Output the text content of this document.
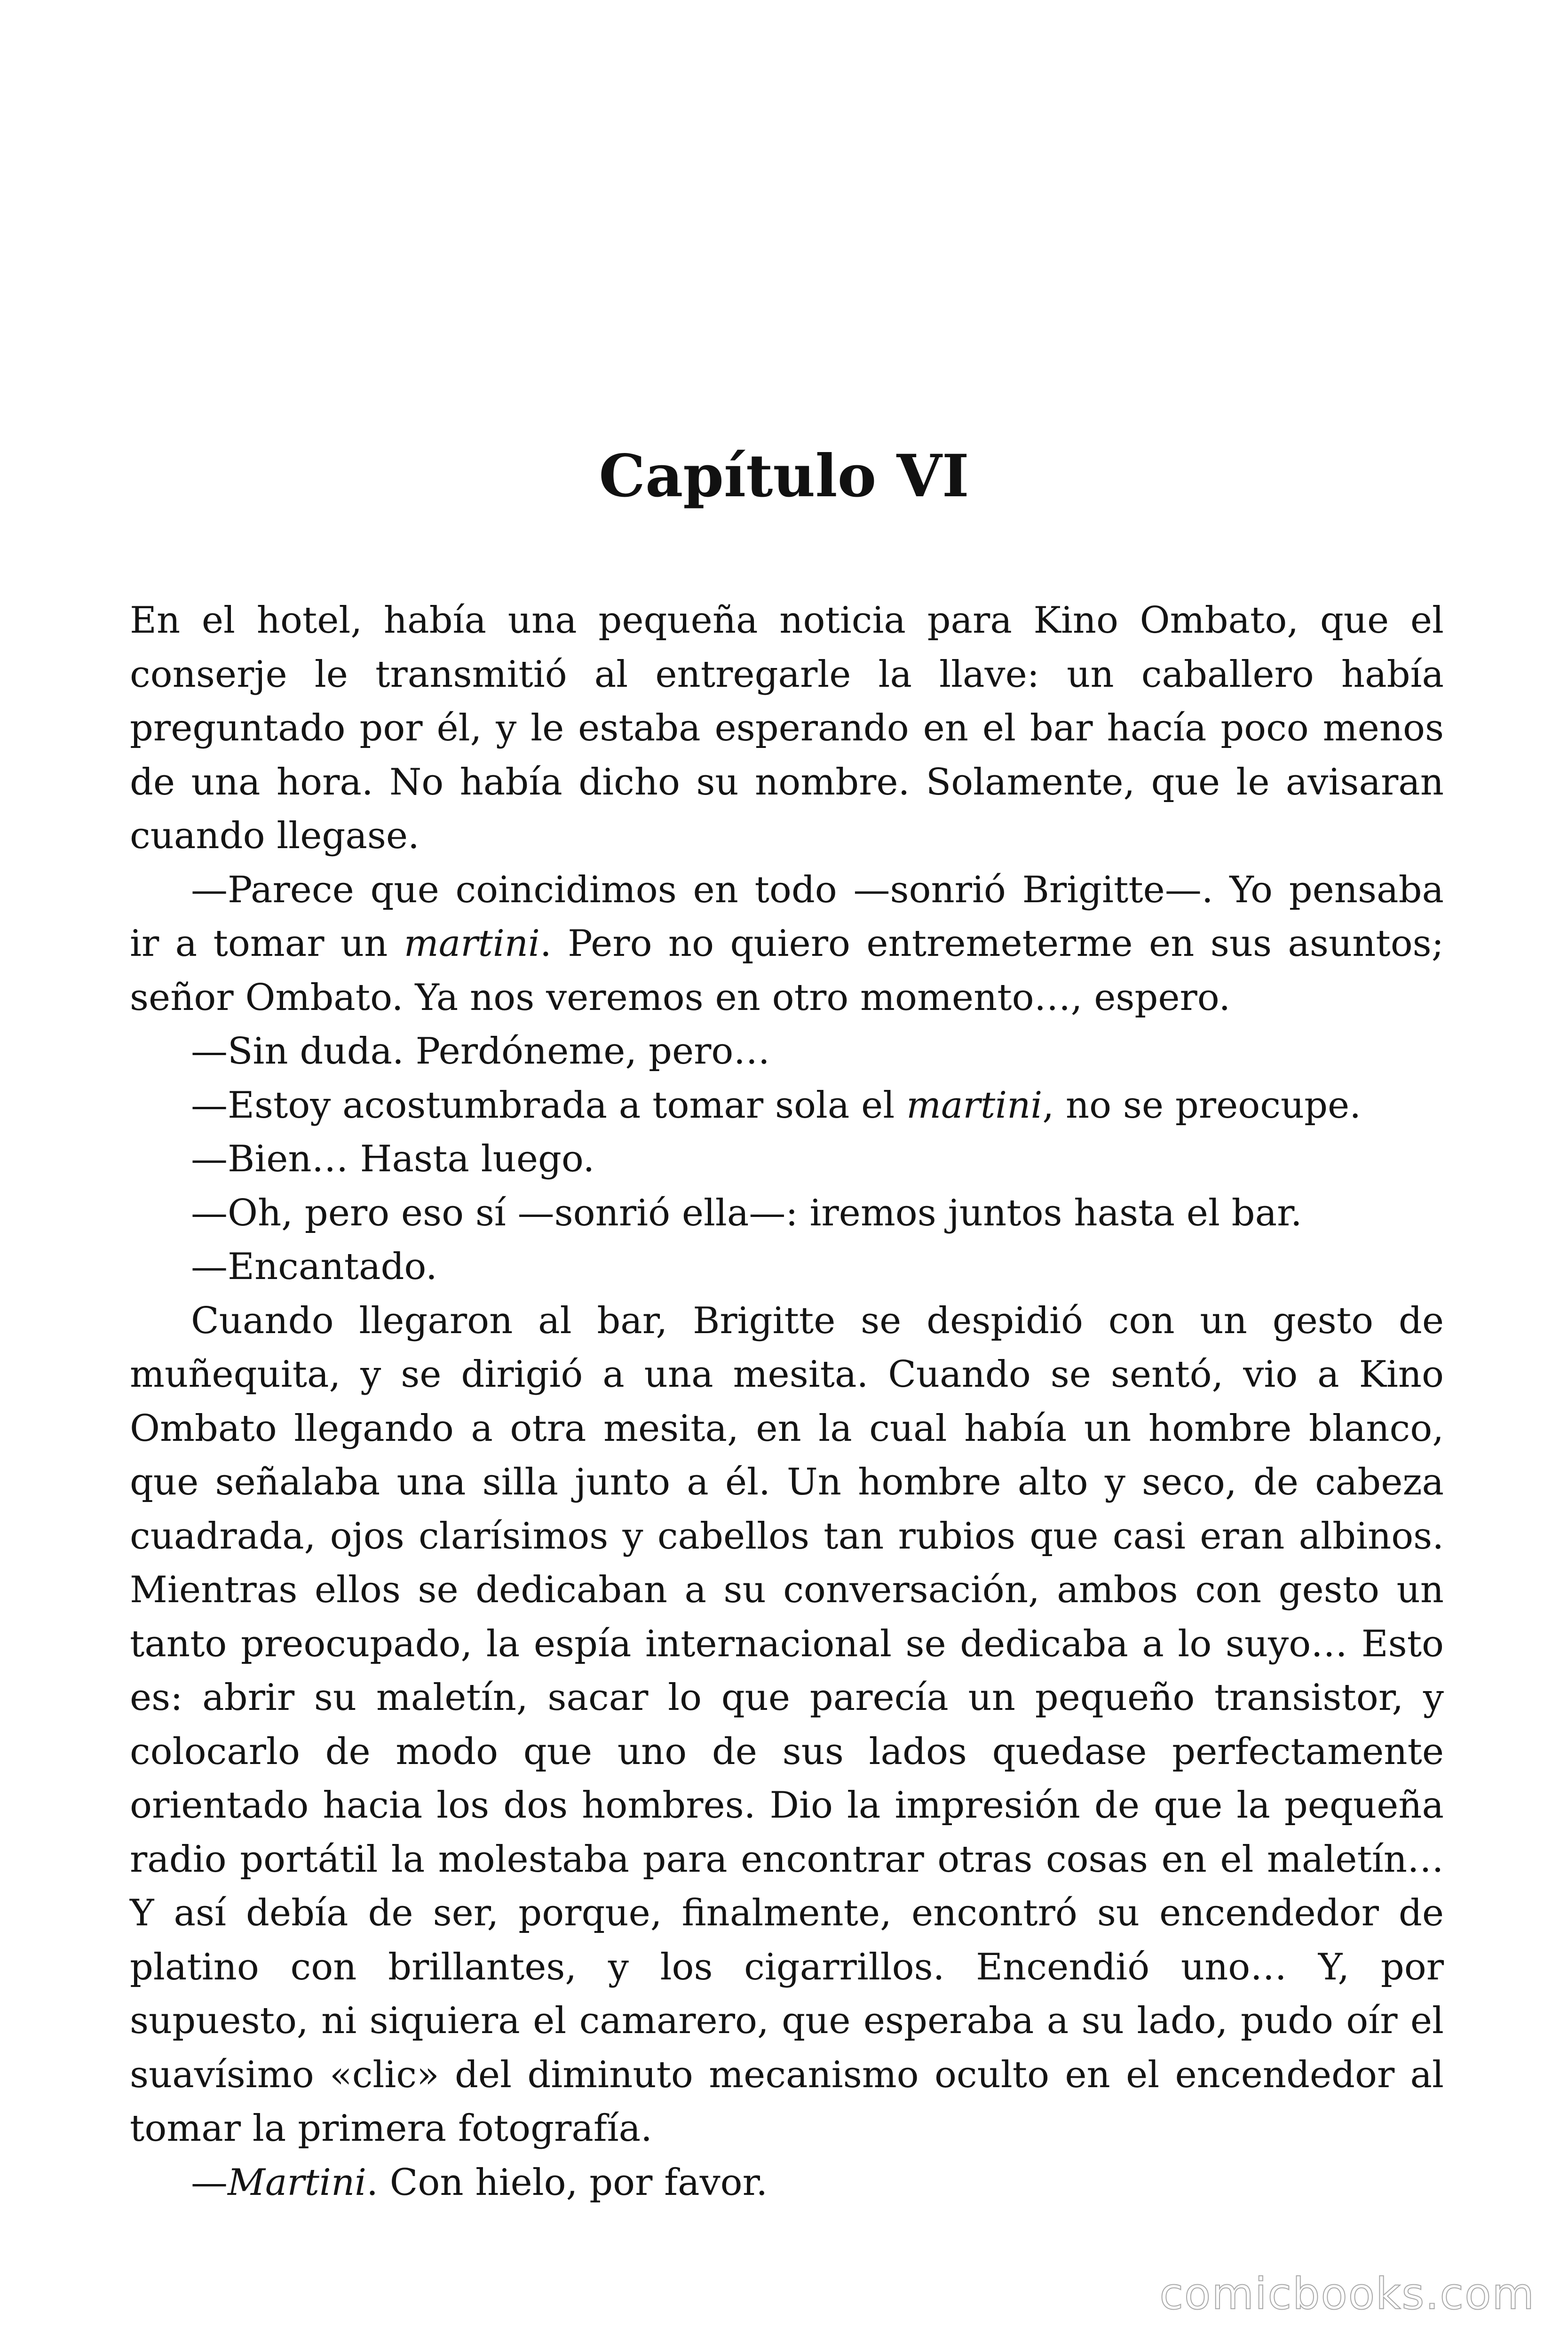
Capítulo VI

En el hotel, había una pequeña noticia para Kino Ombato, que el conserje le transmitió al entregarle la llave: un caballero había preguntado por él, y le estaba esperando en el bar hacía poco menos de una hora. No había dicho su nombre. Solamente, que le avisaran cuando llegase.

—Parece que coincidimos en todo —sonrió Brigitte—. Yo pensaba ir a tomar un martini. Pero no quiero entremeterme en sus asuntos; señor Ombato. Ya nos veremos en otro momento…, espero.

—Sin duda. Perdóneme, pero…

—Estoy acostumbrada a tomar sola el martini, no se preocupe.

—Bien… Hasta luego.

—Oh, pero eso sí —sonrió ella—: iremos juntos hasta el bar.

—Encantado.

Cuando llegaron al bar, Brigitte se despidió con un gesto de muñequita, y se dirigió a una mesita. Cuando se sentó, vio a Kino Ombato llegando a otra mesita, en la cual había un hombre blanco, que señalaba una silla junto a él. Un hombre alto y seco, de cabeza cuadrada, ojos clarísimos y cabellos tan rubios que casi eran albinos. Mientras ellos se dedicaban a su conversación, ambos con gesto un tanto preocupado, la espía internacional se dedicaba a lo suyo… Esto es: abrir su maletín, sacar lo que parecía un pequeño transistor, y colocarlo de modo que uno de sus lados quedase perfectamente orientado hacia los dos hombres. Dio la impresión de que la pequeña radio portátil la molestaba para encontrar otras cosas en el maletín… Y así debía de ser, porque, finalmente, encontró su encendedor de platino con brillantes, y los cigarrillos. Encendió uno… Y, por supuesto, ni siquiera el camarero, que esperaba a su lado, pudo oír el suavísimo «clic» del diminuto mecanismo oculto en el encendedor al tomar la primera fotografía.

—Martini. Con hielo, por favor.

comicbooks.com
